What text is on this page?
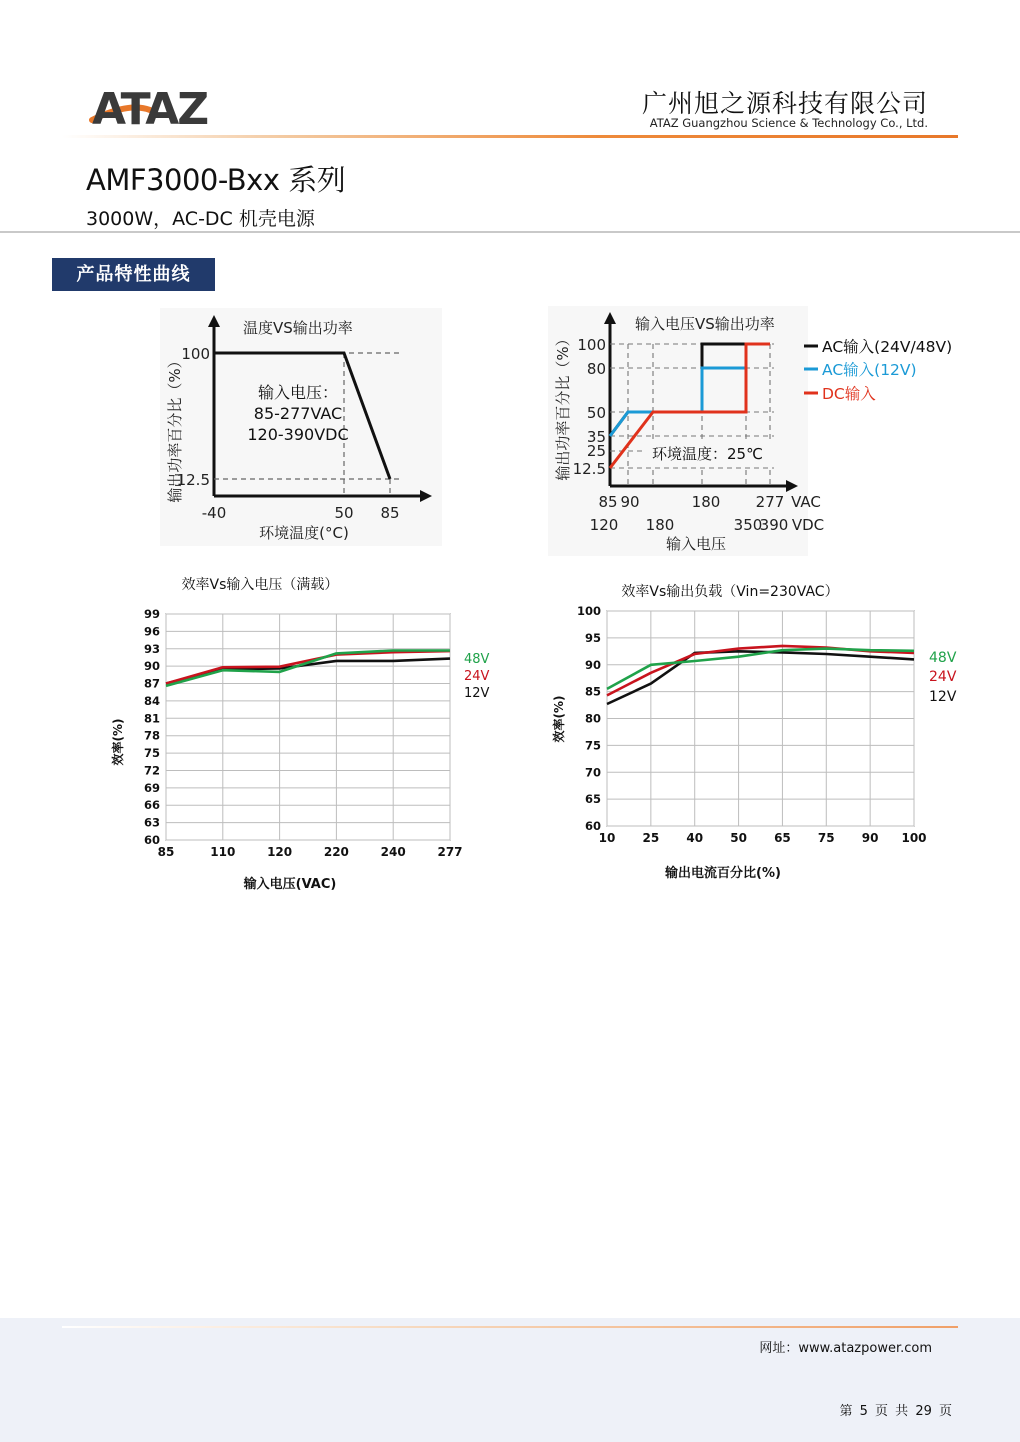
ATAZ	广州旭之源科技有限公司
ATAZ Guangzhou Science & Technology Co., Ltd.
AMF3000-Bxx 系列
3000W，AC-DC 机壳电源
产品特性曲线
温度VS输出功率
100
12.5
-40	50 85
环境温度(°C)
输出功率百分比（%）	输入电压：
85-277VAC
120-390VDC
环境温度：25℃
输入电压VS输出功率
100
80
50
35
25
12.5
85 90	180 277 VAC
120 180	350
390 VDC
输入电压
输出功率百分比（%）	AC输入(24V/48V)
AC输入(12V)
DC输入
效率Vs输入电压（满载）
99
96
93
90
87
84
81
78
75
72
69
66
63
60
85	110	120	220	240	277
输入电压(VAC)
效率(%)
48V
24V
12V
效率Vs输出负载（Vin=230VAC）
100
95
90
85
80
75
70
65
60
10 25 40 50 65 75 90 100
输出电流百分比(%)
效率(%)
48V
24V
12V
网址：www.atazpower.com
第 5 页 共 29 页
